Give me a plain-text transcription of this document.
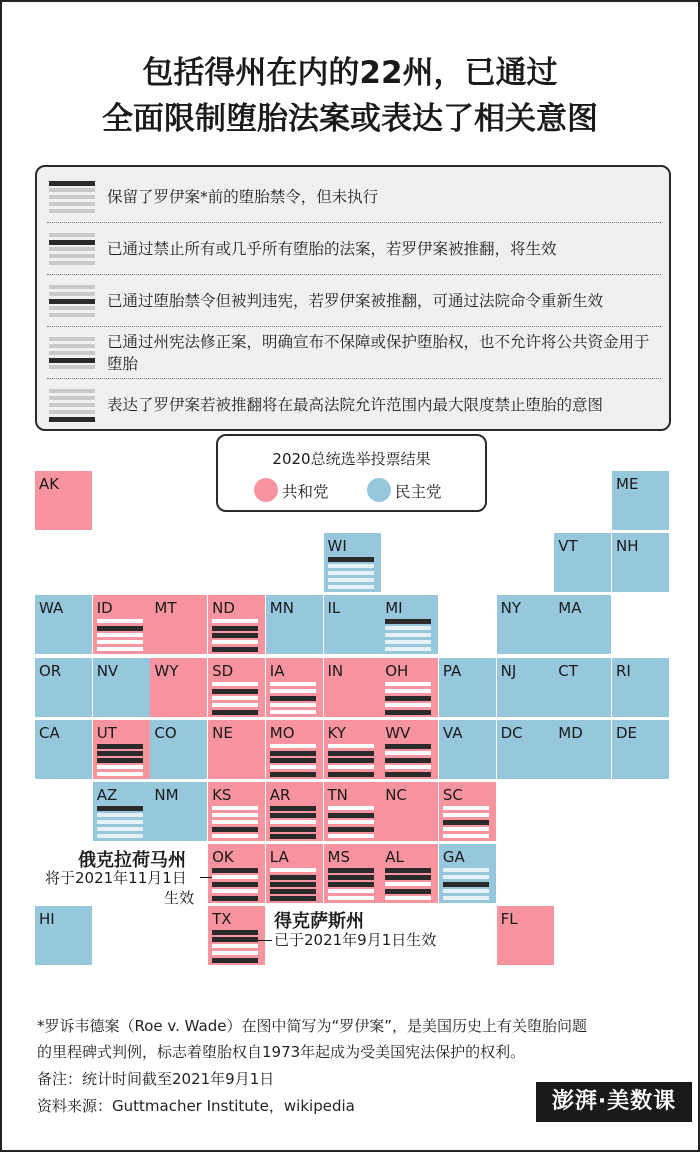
包括得州在内的22州，已通过
全面限制堕胎法案或表达了相关意图
保留了罗伊案*前的堕胎禁令，但未执行
已通过禁止所有或几乎所有堕胎的法案，若罗伊案被推翻，将生效
已通过堕胎禁令但被判违宪，若罗伊案被推翻，可通过法院命令重新生效
已通过州宪法修正案，明确宣布不保障或保护堕胎权，也不允许将公共资金用于堕胎
表达了罗伊案若被推翻将在最高法院允许范围内最大限度禁止堕胎的意图
2020总统选举投票结果
共和党	民主党
AK	ME
WI	VT	NH
WA ID	MT ND MN IL	MI	NY MA
OR NV WY SD IA	IN	OH PA	NJ	CT	RI
CA UT	CO NE MO KY	WV VA	DC MD DE
AZ NM KS	AR TN NC SC
OK LA	MS AL	GA
HI	TX	FL
俄克拉荷马州
将于2021年11月1日
生效
得克萨斯州
已于2021年9月1日生效
*罗诉韦德案（Roe v. Wade）在图中简写为“罗伊案”，是美国历史上有关堕胎问题
的里程碑式判例，标志着堕胎权自1973年起成为受美国宪法保护的权利。
备注：统计时间截至2021年9月1日
资料来源：Guttmacher Institute，wikipedia	澎湃·美数课
